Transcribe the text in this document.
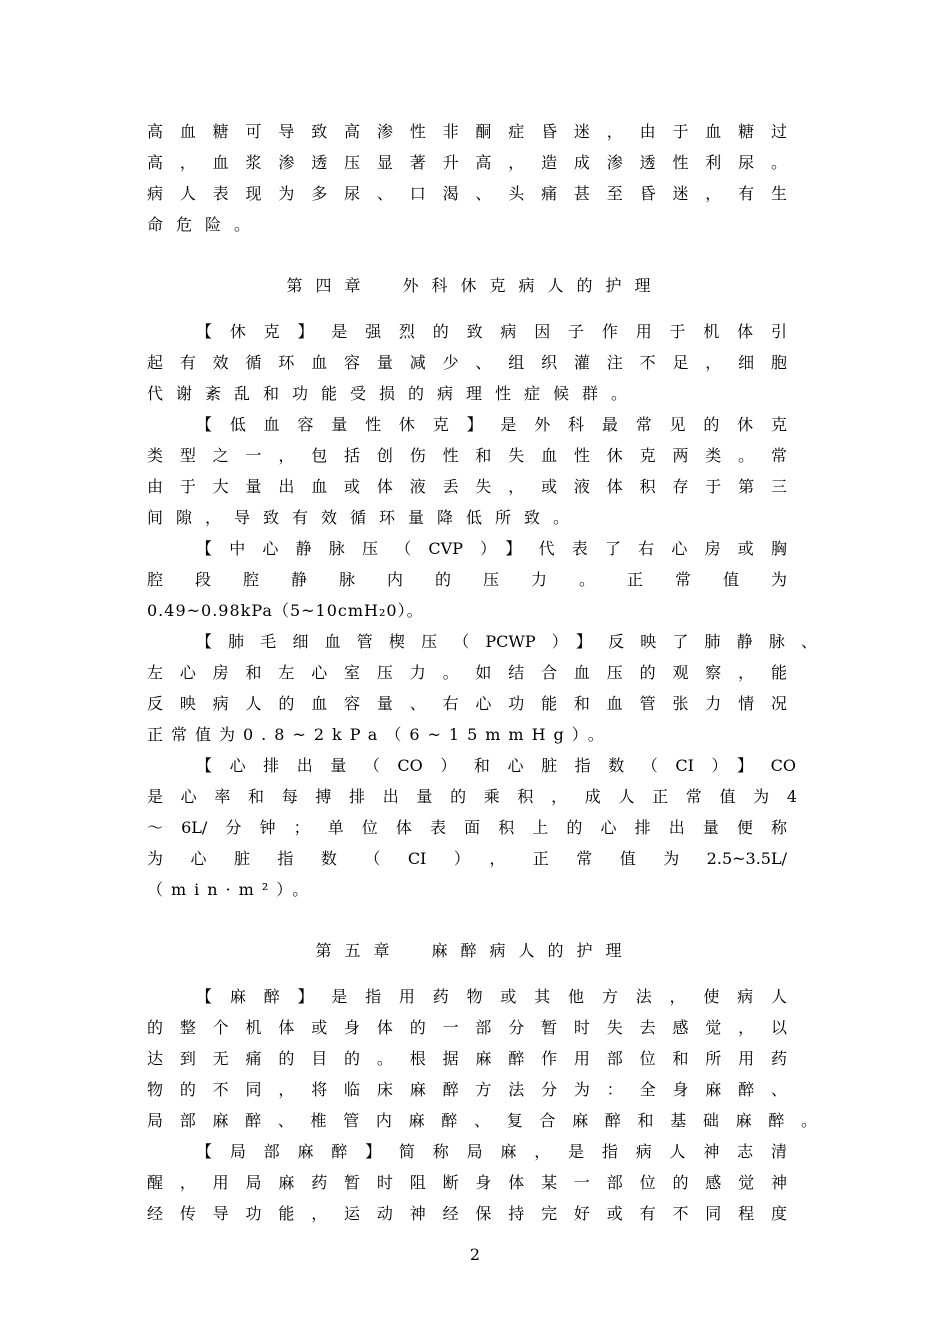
高血糖可导致高渗性非酮症昏迷，由于血糖过
高，血浆渗透压显著升高，造成渗透性利尿。
病人表现为多尿、口渴、头痛甚至昏迷，有生
命危险。
第四章　外科休克病人的护理
【休克】是强烈的致病因子作用于机体引
起有效循环血容量减少、组织灌注不足，细胞
代谢紊乱和功能受损的病理性症候群。
【低血容量性休克】是外科最常见的休克
类型之一，包括创伤性和失血性休克两类。常
由于大量出血或体液丢失，或液体积存于第三
间隙，导致有效循环量降低所致。
【中心静脉压（CVP）】代表了右心房或胸
腔段腔静脉内的压力。正常值为
0.49~0.98kPa（5~10cmH₂0）。
【肺毛细血管楔压（PCWP）】反映了肺静脉、
左心房和左心室压力。如结合血压的观察，能
反映病人的血容量、右心功能和血管张力情况
正常值为0.8~2kPa（6~15mmHg）。
【心排出量（CO）和心脏指数（CI）】CO
是心率和每搏排出量的乘积，成人正常值为4
～6L/分钟；单位体表面积上的心排出量便称
为心脏指数（CI），正常值为2.5~3.5L/
（min·m²）。
第五章　麻醉病人的护理
【麻醉】是指用药物或其他方法，使病人
的整个机体或身体的一部分暂时失去感觉，以
达到无痛的目的。根据麻醉作用部位和所用药
物的不同，将临床麻醉方法分为：全身麻醉、
局部麻醉、椎管内麻醉、复合麻醉和基础麻醉。
【局部麻醉】简称局麻，是指病人神志清
醒，用局麻药暂时阻断身体某一部位的感觉神
经传导功能，运动神经保持完好或有不同程度
2
